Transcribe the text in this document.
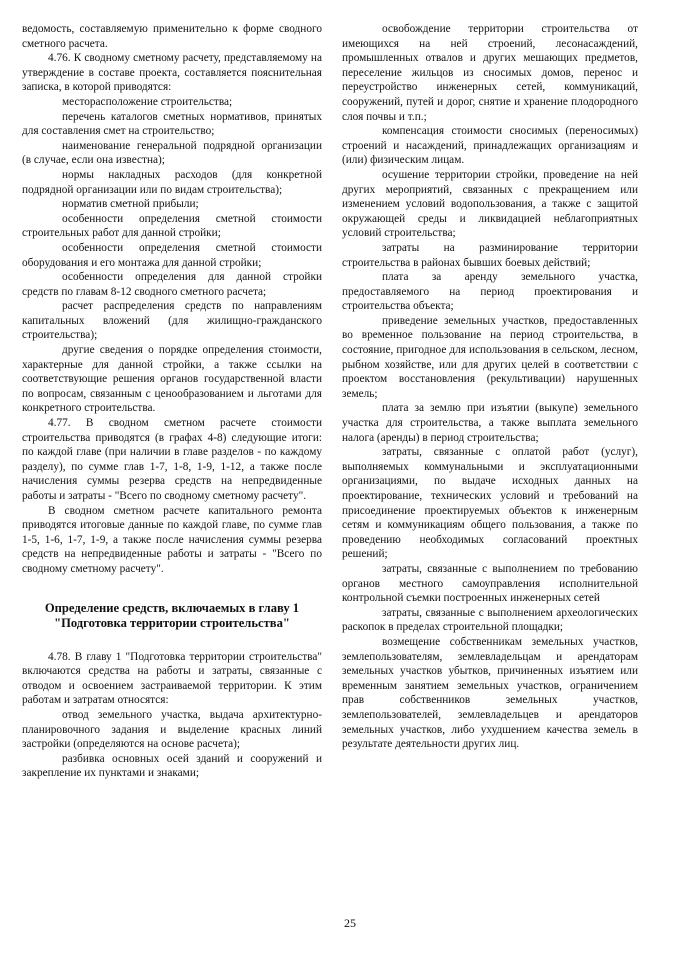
ведомость, составляемую применительно к форме сводного сметного расчета.

4.76. К сводному сметному расчету, представляемому на утверждение в составе проекта, составляется пояснительная записка, в которой приводятся:

месторасположение строительства;

перечень каталогов сметных нормативов, принятых для составления смет на строительство;

наименование генеральной подрядной организации (в случае, если она известна);

нормы накладных расходов (для конкретной подрядной организации или по видам строительства);

норматив сметной прибыли;

особенности определения сметной стоимости строительных работ для данной стройки;

особенности определения сметной стоимости оборудования и его монтажа для данной стройки;

особенности определения для данной стройки средств по главам 8-12 сводного сметного расчета;

расчет распределения средств по направлениям капитальных вложений (для жилищно-гражданского строительства);

другие сведения о порядке определения стоимости, характерные для данной стройки, а также ссылки на соответствующие решения органов государственной власти по вопросам, связанным с ценообразованием и льготами для конкретного строительства.

4.77. В сводном сметном расчете стоимости строительства приводятся (в графах 4-8) следующие итоги: по каждой главе (при наличии в главе разделов - по каждому разделу), по сумме глав 1-7, 1-8, 1-9, 1-12, а также после начисления суммы резерва средств на непредвиденные работы и затраты - "Всего по сводному сметному расчету".

В сводном сметном расчете капитального ремонта приводятся итоговые данные по каждой главе, по сумме глав 1-5, 1-6, 1-7, 1-9, а также после начисления суммы резерва средств на непредвиденные работы и затраты - "Всего по сводному сметному расчету".

Определение средств, включаемых в главу 1 "Подготовка территории строительства"

4.78. В главу 1 "Подготовка территории строительства" включаются средства на работы и затраты, связанные с отводом и освоением застраиваемой территории. К этим работам и затратам относятся:

отвод земельного участка, выдача архитектурно-планировочного задания и выделение красных линий застройки (определяются на основе расчета);

разбивка основных осей зданий и сооружений и закрепление их пунктами и знаками;

освобождение территории строительства от имеющихся на ней строений, лесонасаждений, промышленных отвалов и других мешающих предметов, переселение жильцов из сносимых домов, перенос и переустройство инженерных сетей, коммуникаций, сооружений, путей и дорог, снятие и хранение плодородного слоя почвы и т.п.;

компенсация стоимости сносимых (переносимых) строений и насаждений, принадлежащих организациям и (или) физическим лицам.

осушение территории стройки, проведение на ней других мероприятий, связанных с прекращением или изменением условий водопользования, а также с защитой окружающей среды и ликвидацией неблагоприятных условий строительства;

затраты на разминирование территории строительства в районах бывших боевых действий;

плата за аренду земельного участка, предоставляемого на период проектирования и строительства объекта;

приведение земельных участков, предоставленных во временное пользование на период строительства, в состояние, пригодное для использования в сельском, лесном, рыбном хозяйстве, или для других целей в соответствии с проектом восстановления (рекультивации) нарушенных земель;

плата за землю при изъятии (выкупе) земельного участка для строительства, а также выплата земельного налога (аренды) в период строительства;

затраты, связанные с оплатой работ (услуг), выполняемых коммунальными и эксплуатационными организациями, по выдаче исходных данных на проектирование, технических условий и требований на присоединение проектируемых объектов к инженерным сетям и коммуникациям общего пользования, а также по проведению необходимых согласований проектных решений;

затраты, связанные с выполнением по требованию органов местного самоуправления исполнительной контрольной съемки построенных инженерных сетей

затраты, связанные с выполнением археологических раскопок в пределах строительной площадки;

возмещение собственникам земельных участков, землепользователям, землевладельцам и арендаторам земельных участков убытков, причиненных изъятием или временным занятием земельных участков, ограничением прав собственников земельных участков, землепользователей, землевладельцев и арендаторов земельных участков, либо ухудшением качества земель в результате деятельности других лиц.

25
